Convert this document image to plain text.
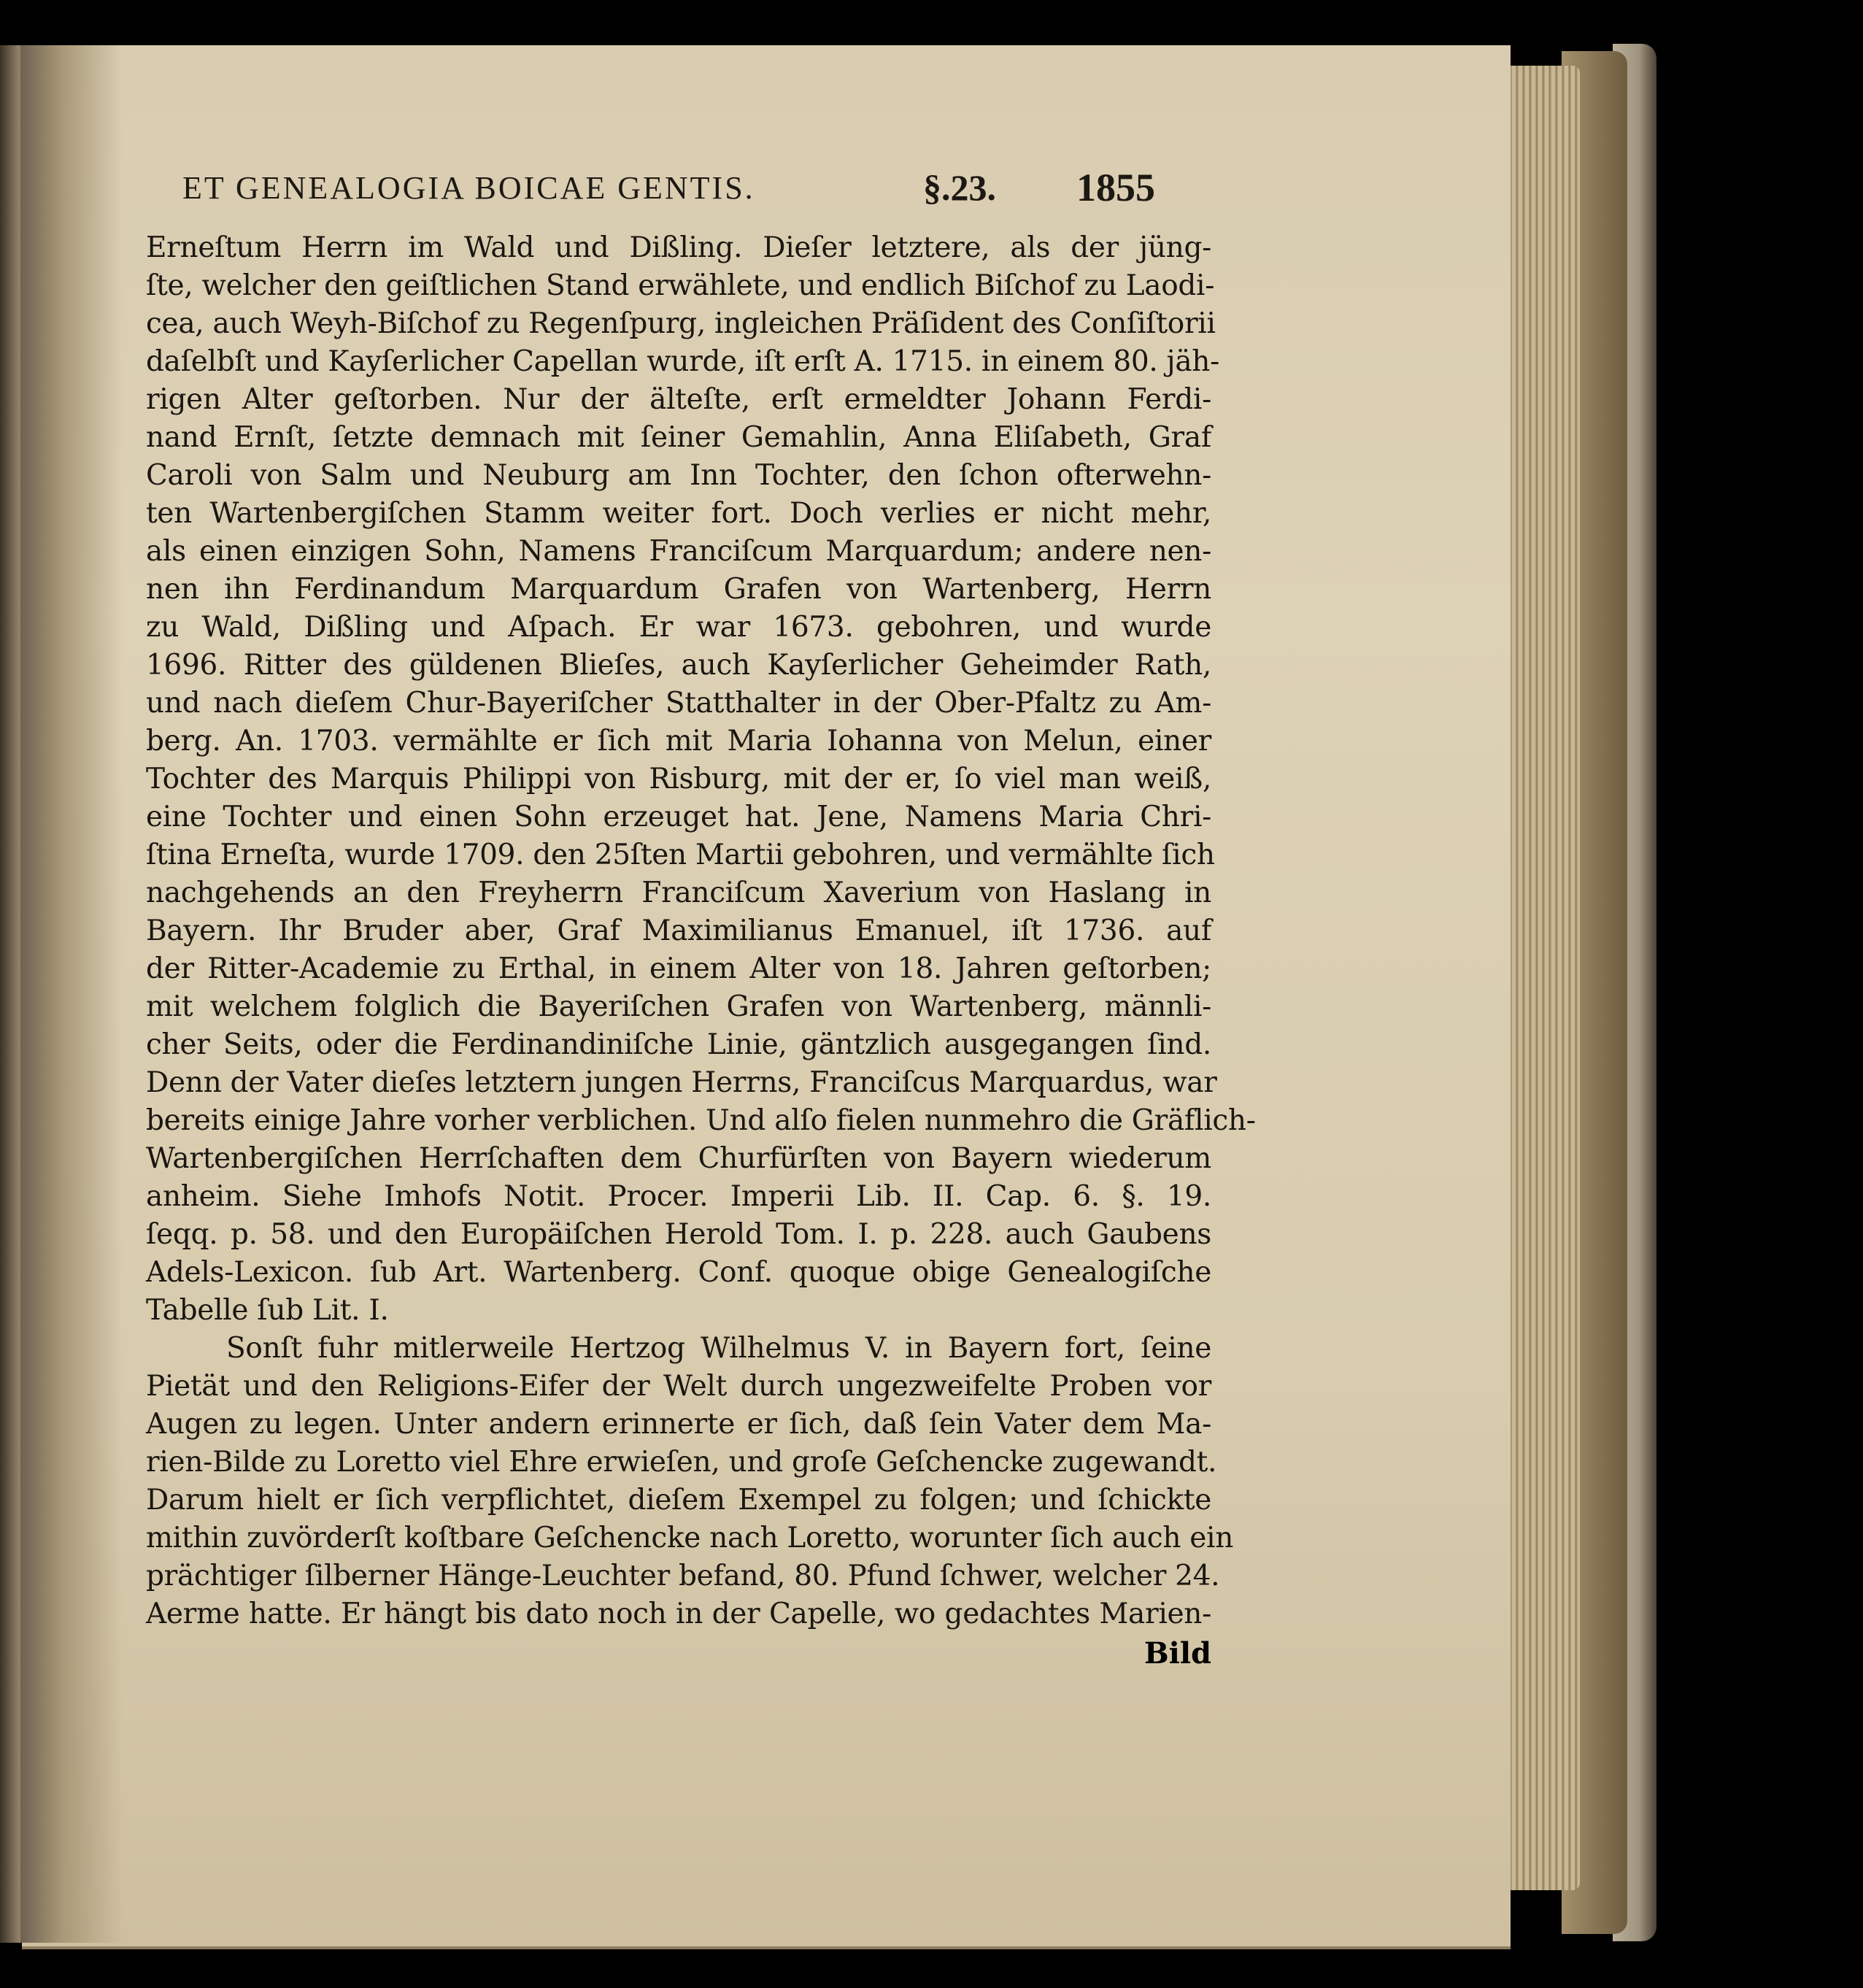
ET GENEALOGIA BOICAE GENTIS.	§.23. 1855
Erneſtum Herrn im Wald und Dißling. Dieſer letztere, als der jüng-
ſte, welcher den geiſtlichen Stand erwählete, und endlich Biſchof zu Laodi-
cea, auch Weyh-Biſchof zu Regenſpurg, ingleichen Präſident des Conſiſtorii
daſelbſt und Kayſerlicher Capellan wurde, iſt erſt A. 1715. in einem 80. jäh-
rigen Alter geſtorben. Nur der älteſte, erſt ermeldter Johann Ferdi-
nand Ernſt, ſetzte demnach mit ſeiner Gemahlin, Anna Eliſabeth, Graf
Caroli von Salm und Neuburg am Inn Tochter, den ſchon ofterwehn-
ten Wartenbergiſchen Stamm weiter fort. Doch verlies er nicht mehr,
als einen einzigen Sohn, Namens Franciſcum Marquardum; andere nen-
nen ihn Ferdinandum Marquardum Grafen von Wartenberg, Herrn
zu Wald, Dißling und Aſpach. Er war 1673. gebohren, und wurde
1696. Ritter des güldenen Blieſes, auch Kayſerlicher Geheimder Rath,
und nach dieſem Chur-Bayeriſcher Statthalter in der Ober-Pfaltz zu Am-
berg. An. 1703. vermählte er ſich mit Maria Iohanna von Melun, einer
Tochter des Marquis Philippi von Risburg, mit der er, ſo viel man weiß,
eine Tochter und einen Sohn erzeuget hat. Jene, Namens Maria Chri-
ſtina Erneſta, wurde 1709. den 25ſten Martii gebohren, und vermählte ſich
nachgehends an den Freyherrn Franciſcum Xaverium von Haslang in
Bayern. Ihr Bruder aber, Graf Maximilianus Emanuel, iſt 1736. auf
der Ritter-Academie zu Erthal, in einem Alter von 18. Jahren geſtorben;
mit welchem folglich die Bayeriſchen Grafen von Wartenberg, männli-
cher Seits, oder die Ferdinandiniſche Linie, gäntzlich ausgegangen ſind.
Denn der Vater dieſes letztern jungen Herrns, Franciſcus Marquardus, war
bereits einige Jahre vorher verblichen. Und alſo fielen nunmehro die Gräflich-
Wartenbergiſchen Herrſchaften dem Churfürſten von Bayern wiederum
anheim. Siehe Imhofs Notit. Procer. Imperii Lib. II. Cap. 6. §. 19.
ſeqq. p. 58. und den Europäiſchen Herold Tom. I. p. 228. auch Gaubens
Adels-Lexicon. ſub Art. Wartenberg. Conf. quoque obige Genealogiſche
Tabelle ſub Lit. I.
Sonſt fuhr mitlerweile Hertzog Wilhelmus V. in Bayern fort, ſeine
Pietät und den Religions-Eifer der Welt durch ungezweifelte Proben vor
Augen zu legen. Unter andern erinnerte er ſich, daß ſein Vater dem Ma-
rien-Bilde zu Loretto viel Ehre erwieſen, und groſe Geſchencke zugewandt.
Darum hielt er ſich verpflichtet, dieſem Exempel zu folgen; und ſchickte
mithin zuvörderſt koſtbare Geſchencke nach Loretto, worunter ſich auch ein
prächtiger ſilberner Hänge-Leuchter befand, 80. Pfund ſchwer, welcher 24.
Aerme hatte. Er hängt bis dato noch in der Capelle, wo gedachtes Marien-
Bild
